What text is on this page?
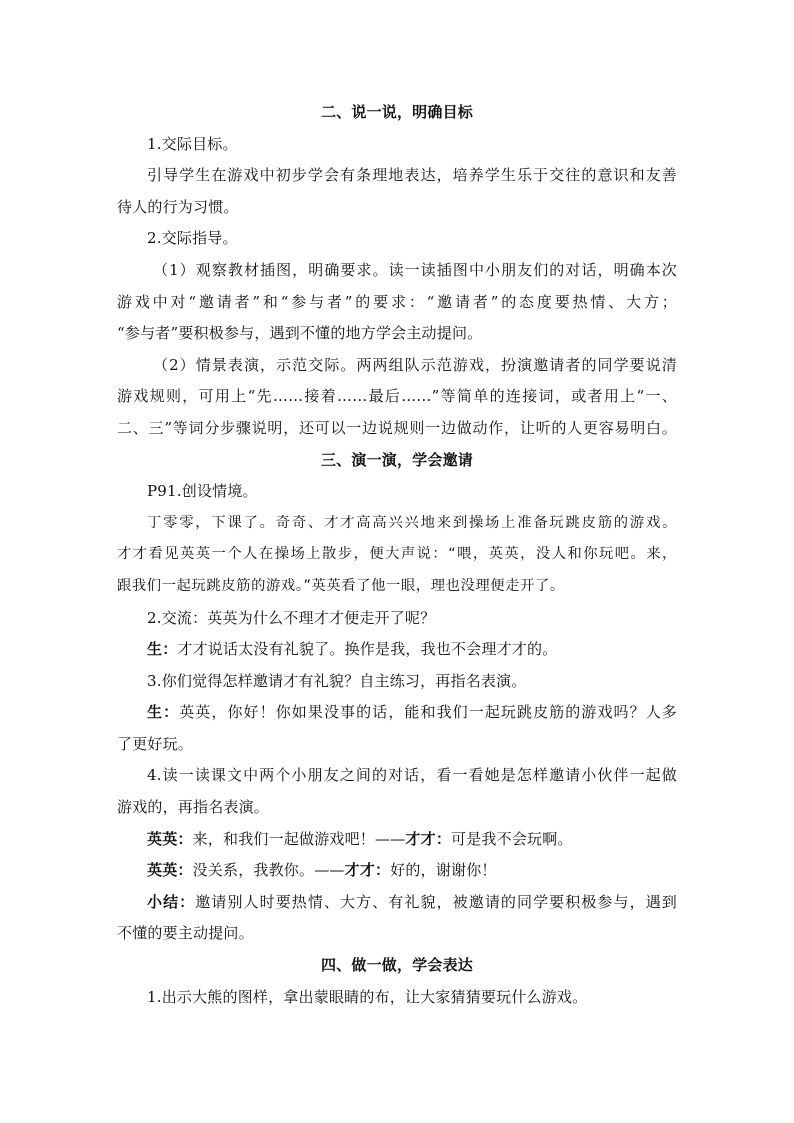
二、说一说，明确目标
1.交际目标。
引导学生在游戏中初步学会有条理地表达，培养学生乐于交往的意识和友善
待人的行为习惯。
2.交际指导。
（1）观察教材插图，明确要求。读一读插图中小朋友们的对话，明确本次
游戏中对“邀请者”和“参与者”的要求：“邀请者”的态度要热情、大方；
“参与者”要积极参与，遇到不懂的地方学会主动提问。
（2）情景表演，示范交际。两两组队示范游戏，扮演邀请者的同学要说清
游戏规则，可用上“先……接着……最后……”等简单的连接词，或者用上“一、
二、三”等词分步骤说明，还可以一边说规则一边做动作，让听的人更容易明白。
三、演一演，学会邀请
P91.创设情境。
丁零零，下课了。奇奇、才才高高兴兴地来到操场上准备玩跳皮筋的游戏。
才才看见英英一个人在操场上散步，便大声说：“喂，英英，没人和你玩吧。来，
跟我们一起玩跳皮筋的游戏。”英英看了他一眼，理也没理便走开了。
2.交流：英英为什么不理才才便走开了呢？
生：才才说话太没有礼貌了。换作是我，我也不会理才才的。
3.你们觉得怎样邀请才有礼貌？自主练习，再指名表演。
生：英英，你好！你如果没事的话，能和我们一起玩跳皮筋的游戏吗？人多
了更好玩。
4.读一读课文中两个小朋友之间的对话，看一看她是怎样邀请小伙伴一起做
游戏的，再指名表演。
英英：来，和我们一起做游戏吧！——才才：可是我不会玩啊。
英英：没关系，我教你。——才才：好的，谢谢你！
小结：邀请别人时要热情、大方、有礼貌，被邀请的同学要积极参与，遇到
不懂的要主动提问。
四、做一做，学会表达
1.出示大熊的图样，拿出蒙眼睛的布，让大家猜猜要玩什么游戏。
